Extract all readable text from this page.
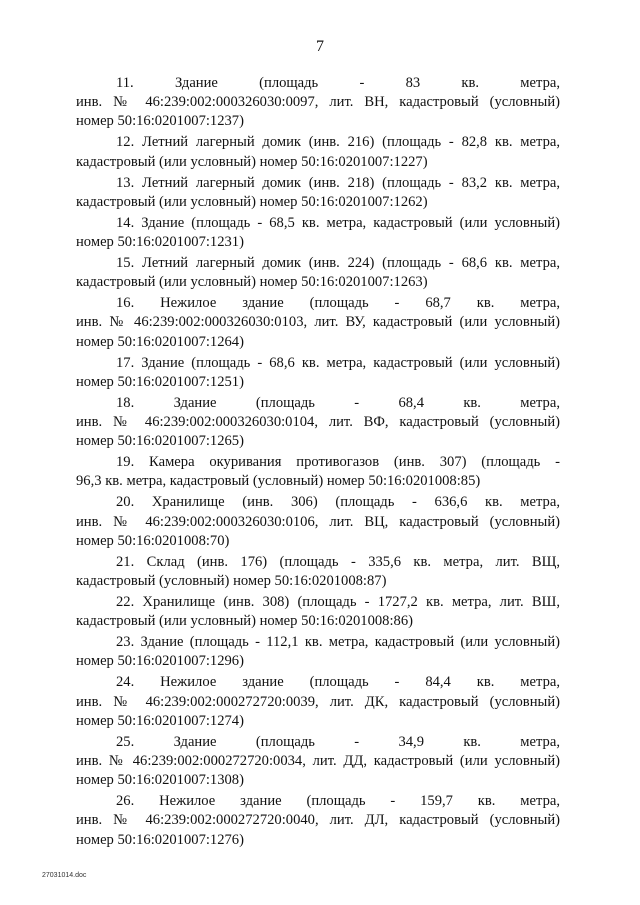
7
11. Здание (площадь - 83 кв. метра,
инв. № 46:239:002:000326030:0097, лит. ВН, кадастровый (условный)
номер 50:16:0201007:1237)
12. Летний лагерный домик (инв. 216) (площадь - 82,8 кв. метра,
кадастровый (или условный) номер 50:16:0201007:1227)
13. Летний лагерный домик (инв. 218) (площадь - 83,2 кв. метра,
кадастровый (или условный) номер 50:16:0201007:1262)
14. Здание (площадь - 68,5 кв. метра, кадастровый (или условный)
номер 50:16:0201007:1231)
15. Летний лагерный домик (инв. 224) (площадь - 68,6 кв. метра,
кадастровый (или условный) номер 50:16:0201007:1263)
16. Нежилое здание (площадь - 68,7 кв. метра,
инв. № 46:239:002:000326030:0103, лит. ВУ, кадастровый (или условный)
номер 50:16:0201007:1264)
17. Здание (площадь - 68,6 кв. метра, кадастровый (или условный)
номер 50:16:0201007:1251)
18. Здание (площадь - 68,4 кв. метра,
инв. № 46:239:002:000326030:0104, лит. ВФ, кадастровый (условный)
номер 50:16:0201007:1265)
19. Камера окуривания противогазов (инв. 307) (площадь -
96,3 кв. метра, кадастровый (условный) номер 50:16:0201008:85)
20. Хранилище (инв. 306) (площадь - 636,6 кв. метра,
инв. № 46:239:002:000326030:0106, лит. ВЦ, кадастровый (условный)
номер 50:16:0201008:70)
21. Склад (инв. 176) (площадь - 335,6 кв. метра, лит. ВЩ,
кадастровый (условный) номер 50:16:0201008:87)
22. Хранилище (инв. 308) (площадь - 1727,2 кв. метра, лит. ВШ,
кадастровый (или условный) номер 50:16:0201008:86)
23. Здание (площадь - 112,1 кв. метра, кадастровый (или условный)
номер 50:16:0201007:1296)
24. Нежилое здание (площадь - 84,4 кв. метра,
инв. № 46:239:002:000272720:0039, лит. ДК, кадастровый (условный)
номер 50:16:0201007:1274)
25. Здание (площадь - 34,9 кв. метра,
инв. № 46:239:002:000272720:0034, лит. ДД, кадастровый (или условный)
номер 50:16:0201007:1308)
26. Нежилое здание (площадь - 159,7 кв. метра,
инв. № 46:239:002:000272720:0040, лит. ДЛ, кадастровый (условный)
номер 50:16:0201007:1276)
27031014.doc
